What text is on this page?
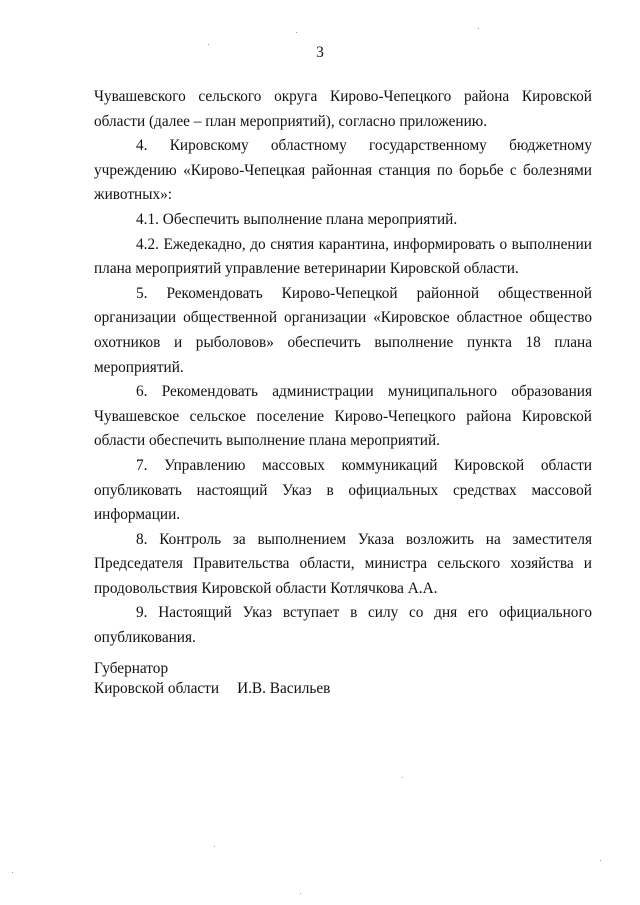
3

Чувашевского сельского округа Кирово-Чепецкого района Кировской области (далее – план мероприятий), согласно приложению.

4. Кировскому областному государственному бюджетному учреждению «Кирово-Чепецкая районная станция по борьбе с болезнями животных»:

4.1. Обеспечить выполнение плана мероприятий.

4.2. Ежедекадно, до снятия карантина, информировать о выполнении плана мероприятий управление ветеринарии Кировской области.

5. Рекомендовать Кирово-Чепецкой районной общественной организации общественной организации «Кировское областное общество охотников и рыболовов» обеспечить выполнение пункта 18 плана мероприятий.

6. Рекомендовать администрации муниципального образования Чувашевское сельское поселение Кирово-Чепецкого района Кировской области обеспечить выполнение плана мероприятий.

7. Управлению массовых коммуникаций Кировской области опубликовать настоящий Указ в официальных средствах массовой информации.

8. Контроль за выполнением Указа возложить на заместителя Председателя Правительства области, министра сельского хозяйства и продовольствия Кировской области Котлячкова А.А.

9. Настоящий Указ вступает в силу со дня его официального опубликования.

Губернатор
Кировской области И.В. Васильев
